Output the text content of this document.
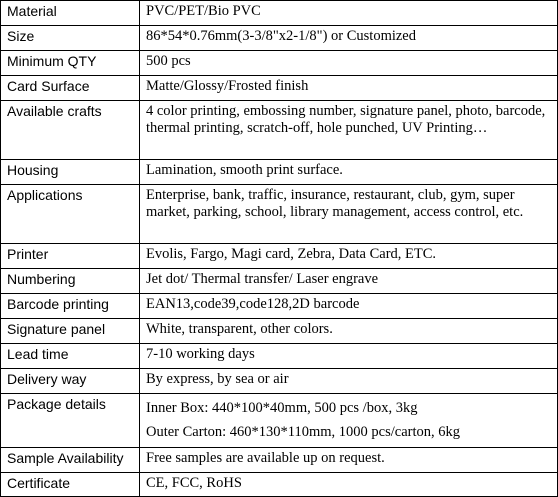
Material	PVC/PET/Bio PVC
Size	86*54*0.76mm(3-3/8"x2-1/8") or Customized
Minimum QTY	500 pcs
Card Surface	Matte/Glossy/Frosted finish
Available crafts	4 color printing, embossing number, signature panel, photo, barcode, thermal printing, scratch-off, hole punched, UV Printing…
Housing	Lamination, smooth print surface.
Applications	Enterprise, bank, traffic, insurance, restaurant, club, gym, super market, parking, school, library management, access control, etc.
Printer	Evolis, Fargo, Magi card, Zebra, Data Card, ETC.
Numbering	Jet dot/ Thermal transfer/ Laser engrave
Barcode printing	EAN13,code39,code128,2D barcode
Signature panel	White, transparent, other colors.
Lead time	7-10 working days
Delivery way	By express, by sea or air
Package details	Inner Box: 440*100*40mm, 500 pcs /box, 3kg
Outer Carton: 460*130*110mm, 1000 pcs/carton, 6kg

Sample Availability	Free samples are available up on request.
Certificate	CE, FCC, RoHS
